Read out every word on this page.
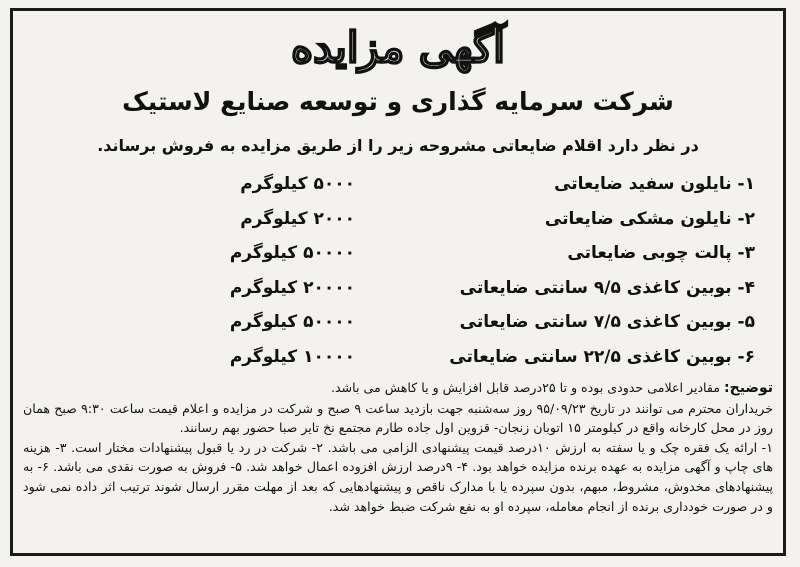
آگهی مزایده
شرکت سرمایه گذاری و توسعه صنایع لاستیک
در نظر دارد اقلام ضایعاتی مشروحه زیر را از طریق مزایده به فروش برساند.
۱- نایلون سفید ضایعاتی
۵۰۰۰ کیلوگرم
۲- نایلون مشکی ضایعاتی
۲۰۰۰ کیلوگرم
۳- پالت چوبی ضایعاتی
۵۰۰۰۰ کیلوگرم
۴- بوبین کاغذی ۹/۵ سانتی ضایعاتی
۲۰۰۰۰ کیلوگرم
۵- بوبین کاغذی ۷/۵ سانتی ضایعاتی
۵۰۰۰۰ کیلوگرم
۶- بوبین کاغذی ۲۲/۵ سانتی ضایعاتی
۱۰۰۰۰ کیلوگرم

توضیح: مقادیر اعلامی حدودی بوده و تا ۲۵درصد قابل افزایش و یا کاهش می باشد.

خریداران محترم می توانند در تاریخ ۹۵/۰۹/۲۳ روز سه‌شنبه جهت بازدید ساعت ۹ صبح و شرکت در مزایده و اعلام قیمت ساعت ۹:۳۰ صبح همان روز در محل کارخانه واقع در کیلومتر ۱۵ اتوبان زنجان- قزوین اول جاده طارم مجتمع نخ تایر صبا حضور بهم رسانند.

۱- ارائه یک فقره چک و یا سفته به ارزش ۱۰درصد قیمت پیشنهادی الزامی می باشد. ۲- شرکت در رد یا قبول پیشنهادات مختار است. ۳- هزینه های چاپ و آگهی مزایده به عهده برنده مزایده خواهد بود. ۴- ۹درصد ارزش افزوده اعمال خواهد شد. ۵- فروش به صورت نقدی می باشد. ۶- به پیشنهادهای مخدوش، مشروط، مبهم، بدون سپرده یا با مدارک ناقص و پیشنهادهایی که بعد از مهلت مقرر ارسال شوند ترتیب اثر داده نمی شود و در صورت خودداری برنده از انجام معامله، سپرده او به نفع شرکت ضبط خواهد شد.
